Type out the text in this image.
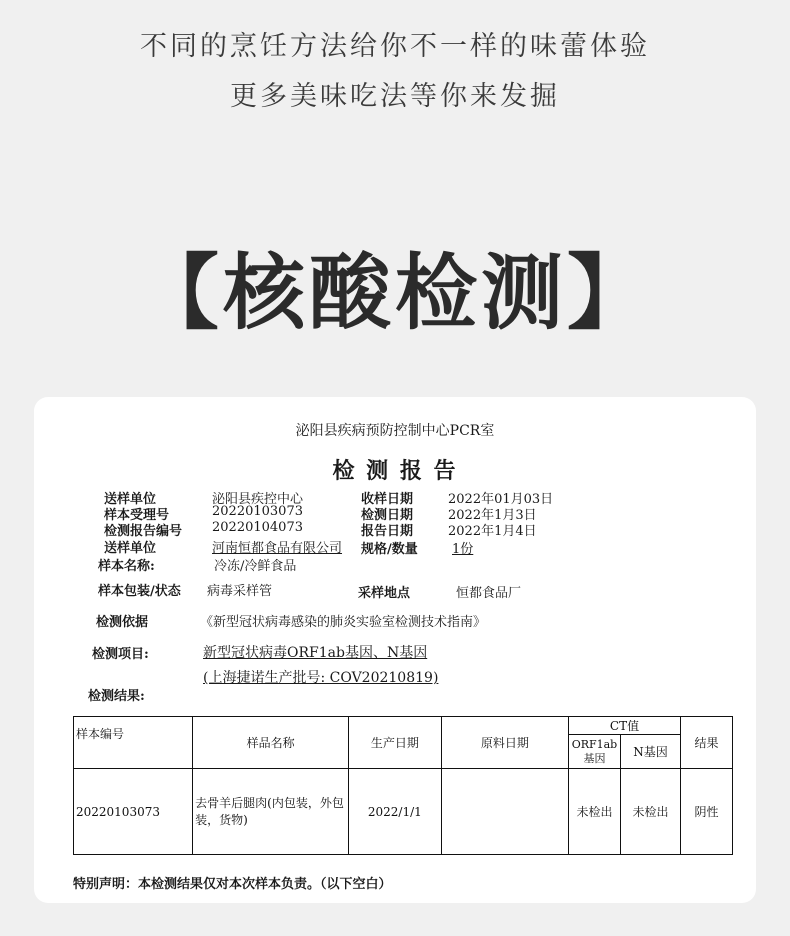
不同的烹饪方法给你不一样的味蕾体验
更多美味吃法等你来发掘
【核酸检测】
泌阳县疾病预防控制中心PCR室
检 测 报 告
送样单位	泌阳县疾控中心
样本受理号	20220103073
检测报告编号 20220104073
送样单位	河南恒都食品有限公司
样本名称:	冷冻/冷鲜食品
收样日期	2022年01月03日
检测日期	2022年1月3日
报告日期	2022年1月4日
规格/数量	1份
样本包装/状态 病毒采样管	采样地点	恒都食品厂
检测依据	《新型冠状病毒感染的肺炎实验室检测技术指南》
检测项目:	新型冠状病毒ORF1ab基因、N基因
(上海捷诺生产批号: COV20210819)
检测结果:
样本编号	样品名称	生产日期	原料日期	CT值		结果
				ORF1ab 基因	N基因	
20220103073	去骨羊后腿肉(内包装，外包装，货物)	2022/1/1		未检出	未检出	阴性
特别声明：本检测结果仅对本次样本负责。（以下空白）
